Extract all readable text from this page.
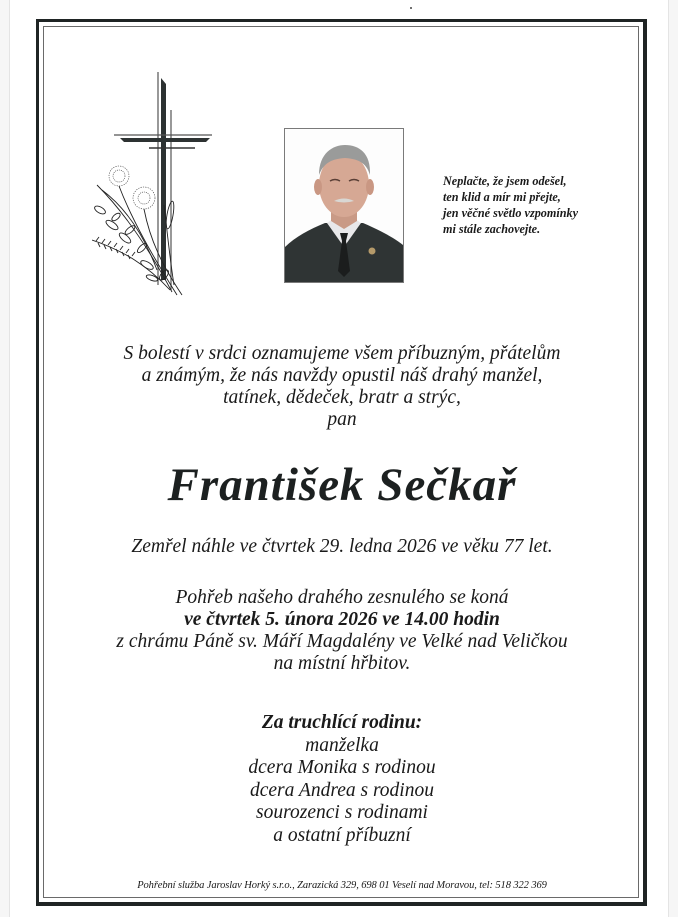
Neplačte, že jsem odešel,
ten klid a mír mi přejte,
jen věčné světlo vzpomínky
mi stále zachovejte.
S bolestí v srdci oznamujeme všem příbuzným, přátelům
a známým, že nás navždy opustil náš drahý manžel,
tatínek, dědeček, bratr a strýc,
pan
František Sečkař
Zemřel náhle ve čtvrtek 29. ledna 2026 ve věku 77 let.
Pohřeb našeho drahého zesnulého se koná
ve čtvrtek 5. února 2026 ve 14.00 hodin
z chrámu Páně sv. Máří Magdalény ve Velké nad Veličkou
na místní hřbitov.
Za truchlící rodinu:
manželka
dcera Monika s rodinou
dcera Andrea s rodinou
sourozenci s rodinami
a ostatní příbuzní
Pohřební služba Jaroslav Horký s.r.o., Zarazická 329, 698 01 Veselí nad Moravou, tel: 518 322 369
